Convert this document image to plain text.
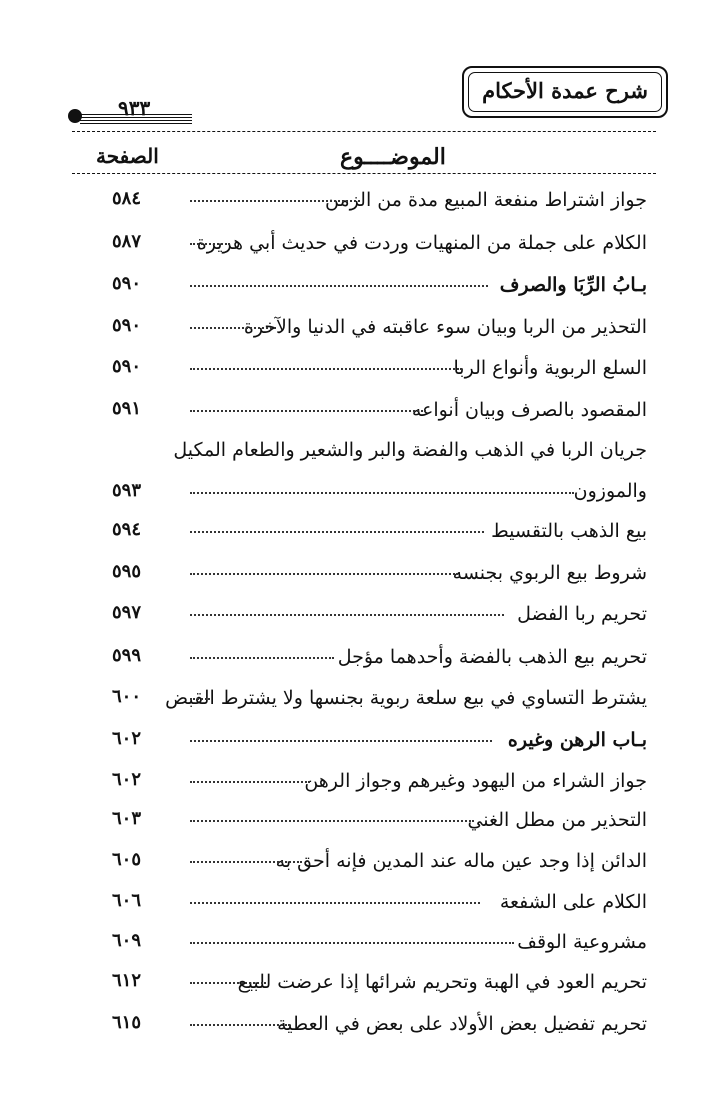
شرح عمدة الأحكام
٩٣٣
الموضــــوع
الصفحة
جواز اشتراط منفعة المبيع مدة من الزمن
٥٨٤
الكلام على جملة من المنهيات وردت في حديث أبي هريرة
٥٨٧
بـابُ الرِّبَا والصرف
٥٩٠
التحذير من الربا وبيان سوء عاقبته في الدنيا والآخرة
٥٩٠
السلع الربوية وأنواع الربا
٥٩٠
المقصود بالصرف وبيان أنواعه
٥٩١
جريان الربا في الذهب والفضة والبر والشعير والطعام المكيل
والموزون
٥٩٣
بيع الذهب بالتقسيط
٥٩٤
شروط بيع الربوي بجنسه
٥٩٥
تحريم ربا الفضل
٥٩٧
تحريم بيع الذهب بالفضة وأحدهما مؤجل
٥٩٩
يشترط التساوي في بيع سلعة ربوية بجنسها ولا يشترط القبض
٦٠٠
بـاب الرهن وغيره
٦٠٢
جواز الشراء من اليهود وغيرهم وجواز الرهن
٦٠٢
التحذير من مطل الغني
٦٠٣
الدائن إذا وجد عين ماله عند المدين فإنه أحق به
٦٠٥
الكلام على الشفعة
٦٠٦
مشروعية الوقف
٦٠٩
تحريم العود في الهبة وتحريم شرائها إذا عرضت للبيع
٦١٢
تحريم تفضيل بعض الأولاد على بعض في العطية
٦١٥
